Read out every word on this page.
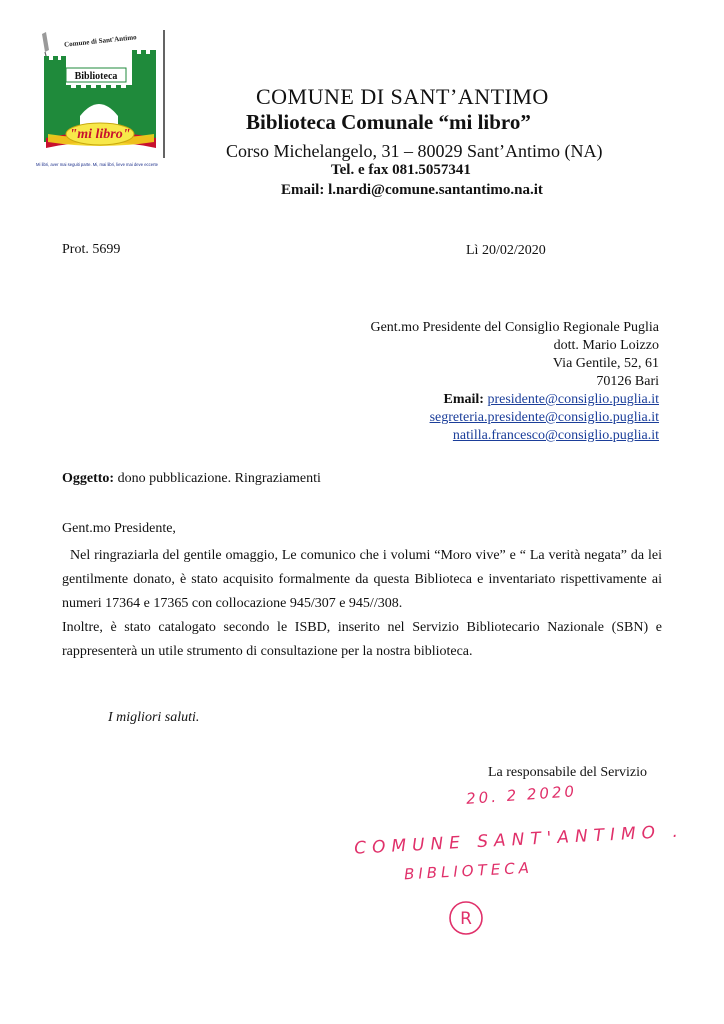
Biblioteca
"mi libro"
Comune di Sant'Antimo
Mi libri, aver mai seguiti parte. Mi, mai libri, lieve mai deve eccerte
COMUNE DI SANT’ANTIMO
Biblioteca Comunale “mi libro”
Corso Michelangelo, 31 – 80029 Sant’Antimo (NA)
Tel. e fax 081.5057341
Email: l.nardi@comune.santantimo.na.it
Prot. 5699	Lì 20/02/2020
Gent.mo Presidente del Consiglio Regionale Puglia
dott. Mario Loizzo
Via Gentile, 52, 61
70126 Bari
Email: presidente@consiglio.puglia.it
segreteria.presidente@consiglio.puglia.it
natilla.francesco@consiglio.puglia.it
Oggetto: dono pubblicazione. Ringraziamenti
Gent.mo Presidente,

Nel ringraziarla del gentile omaggio, Le comunico che i volumi “Moro vive” e “ La verità negata” da lei gentilmente donato, è stato acquisito formalmente da questa Biblioteca e inventariato rispettivamente ai numeri 17364 e 17365 con collocazione 945/307 e 945//308.

Inoltre, è stato catalogato secondo le ISBD, inserito nel Servizio Bibliotecario Nazionale (SBN) e rappresenterà un utile strumento di consultazione per la nostra biblioteca.

I migliori saluti.
La responsabile del Servizio
20. 2 2020
COMUNE SANT'ANTIMO .
BIBLIOTECA
R
